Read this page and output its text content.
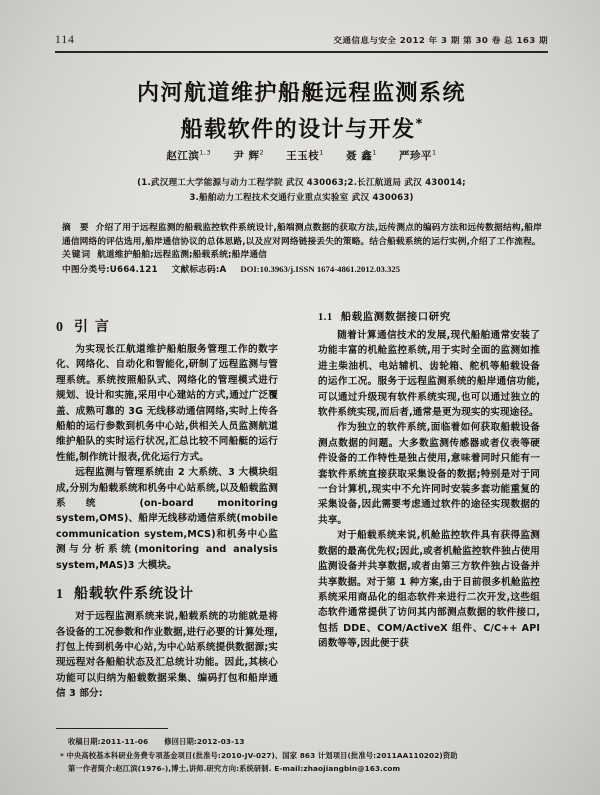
114	交通信息与安全 2012 年 3 期 第 30 卷 总 163 期
内河航道维护船艇远程监测系统
船载软件的设计与开发*
赵江滨$^{1,3}$ 尹 辉$^2$ 王玉枝$^1$ 聂 鑫$^1$ 严珍平$^1$
(1.武汉理工大学能源与动力工程学院 武汉 430063;2.长江航道局 武汉 430014;
3.船舶动力工程技术交通行业重点实验室 武汉 430063)

摘 要 介绍了用于远程监测的船载监控软件系统设计,船端测点数据的获取方法,远传测点的编码方法和远传数据结构,船岸通信网络的评估选用,船岸通信协议的总体思路,以及应对网络链接丢失的策略。结合船载系统的运行实例,介绍了工作流程。

关键词 航道维护船舶;远程监测;船载系统;船岸通信

中图分类号:U664.121 文献标志码:A DOI:10.3963/j.ISSN 1674-4861.2012.03.325

0 引 言

为实现长江航道维护船舶服务管理工作的数字化、网络化、自动化和智能化,研制了远程监测与管理系统。系统按照船队式、网络化的管理模式进行规划、设计和实施,采用中心建站的方式,通过广泛覆盖、成熟可靠的 3G 无线移动通信网络,实时上传各船舶的运行参数到机务中心站,供相关人员监测航道维护船队的实时运行状况,汇总比较不同船艇的运行性能,制作统计报表,优化运行方式。

远程监测与管理系统由 2 大系统、3 大模块组成,分别为船载系统和机务中心站系统,以及船载监测系统 (on-board monitoring system,OMS)、船岸无线移动通信系统(mobile communication system,MCS)和机务中心监测与分析系统(monitoring and analysis system,MAS)3 大模块。

1 船载软件系统设计

对于远程监测系统来说,船载系统的功能就是将各设备的工况参数和作业数据,进行必要的计算处理,打包上传到机务中心站,为中心站系统提供数据源;实现远程对各船舶状态及汇总统计功能。因此,其核心功能可以归纳为船载数据采集、编码打包和船岸通信 3 部分:

1.1 船载监测数据接口研究

随着计算通信技术的发展,现代船舶通常安装了功能丰富的机舱监控系统,用于实时全面的监测如推进主柴油机、电站辅机、齿轮箱、舵机等船载设备的运作工况。服务于远程监测系统的船岸通信功能,可以通过升级现有软件系统实现,也可以通过独立的软件系统实现,而后者,通常是更为现实的实现途径。

作为独立的软件系统,面临着如何获取船载设备测点数据的问题。大多数监测传感器或者仪表等硬件设备的工作特性是独占使用,意味着同时只能有一套软件系统直接获取采集设备的数据;特别是对于同一台计算机,现实中不允许同时安装多套功能重复的采集设备,因此需要考虑通过软件的途径实现数据的共享。

对于船载系统来说,机舱监控软件具有获得监测数据的最高优先权;因此,或者机舱监控软件独占使用监测设备并共享数据,或者由第三方软件独占设备并共享数据。对于第 1 种方案,由于目前很多机舱监控系统采用商品化的组态软件来进行二次开发,这些组态软件通常提供了访问其内部测点数据的软件接口,包括 DDE、COM/ActiveX 组件、C/C++ API 函数等等,因此便于获

收稿日期:2011-11-06 修回日期:2012-03-13
* 中央高校基本科研业务费专项基金项目(批准号:2010-JV-027)、国家 863 计划项目(批准号:2011AA110202)资助
第一作者简介:赵江滨(1976-),博士,讲师.研究方向:系统研制. E-mail:zhaojiangbin@163.com
